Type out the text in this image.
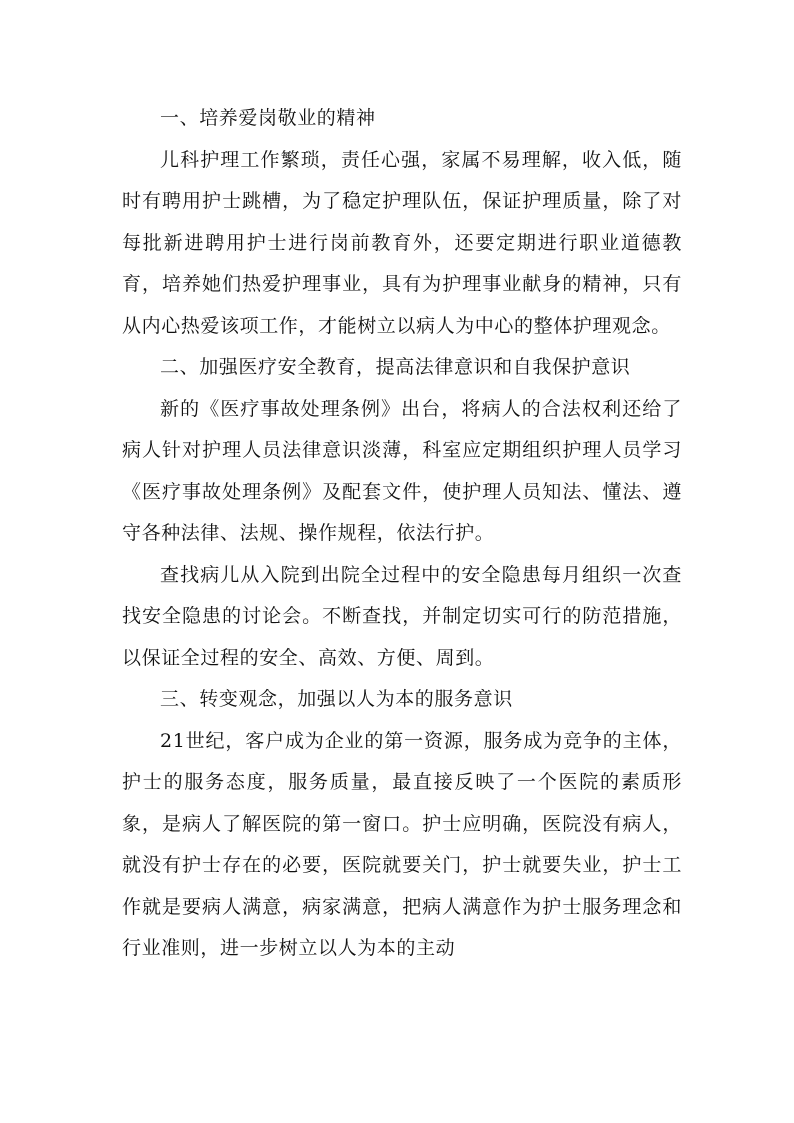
一、培养爱岗敬业的精神

儿科护理工作繁琐，责任心强，家属不易理解，收入低，随时有聘用护士跳槽，为了稳定护理队伍，保证护理质量，除了对每批新进聘用护士进行岗前教育外，还要定期进行职业道德教育，培养她们热爱护理事业，具有为护理事业献身的精神，只有从内心热爱该项工作，才能树立以病人为中心的整体护理观念。

二、加强医疗安全教育，提高法律意识和自我保护意识

新的《医疗事故处理条例》出台，将病人的合法权利还给了病人针对护理人员法律意识淡薄，科室应定期组织护理人员学习《医疗事故处理条例》及配套文件，使护理人员知法、懂法、遵守各种法律、法规、操作规程，依法行护。

查找病儿从入院到出院全过程中的安全隐患每月组织一次查找安全隐患的讨论会。不断查找，并制定切实可行的防范措施，以保证全过程的安全、高效、方便、周到。

三、转变观念，加强以人为本的服务意识

21世纪，客户成为企业的第一资源，服务成为竞争的主体，护士的服务态度，服务质量，最直接反映了一个医院的素质形象，是病人了解医院的第一窗口。护士应明确，医院没有病人，就没有护士存在的必要，医院就要关门，护士就要失业，护士工作就是要病人满意，病家满意，把病人满意作为护士服务理念和行业准则，进一步树立以人为本的主动
